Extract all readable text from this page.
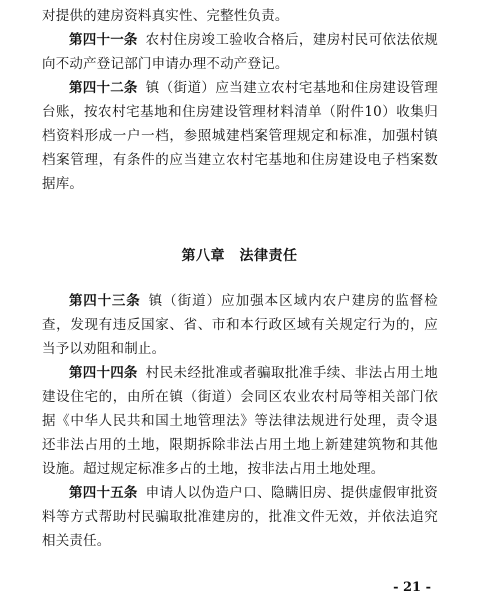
对提供的建房资料真实性、完整性负责。

第四十一条 农村住房竣工验收合格后，建房村民可依法依规向不动产登记部门申请办理不动产登记。

第四十二条 镇（街道）应当建立农村宅基地和住房建设管理台账，按农村宅基地和住房建设管理材料清单（附件10）收集归档资料形成一户一档，参照城建档案管理规定和标准，加强村镇档案管理，有条件的应当建立农村宅基地和住房建设电子档案数据库。

第八章　法律责任

第四十三条 镇（街道）应加强本区域内农户建房的监督检查，发现有违反国家、省、市和本行政区域有关规定行为的，应当予以劝阻和制止。

第四十四条 村民未经批准或者骗取批准手续、非法占用土地建设住宅的，由所在镇（街道）会同区农业农村局等相关部门依据《中华人民共和国土地管理法》等法律法规进行处理，责令退还非法占用的土地，限期拆除非法占用土地上新建建筑物和其他设施。超过规定标准多占的土地，按非法占用土地处理。

第四十五条 申请人以伪造户口、隐瞒旧房、提供虚假审批资料等方式帮助村民骗取批准建房的，批准文件无效，并依法追究相关责任。

- 21 -
